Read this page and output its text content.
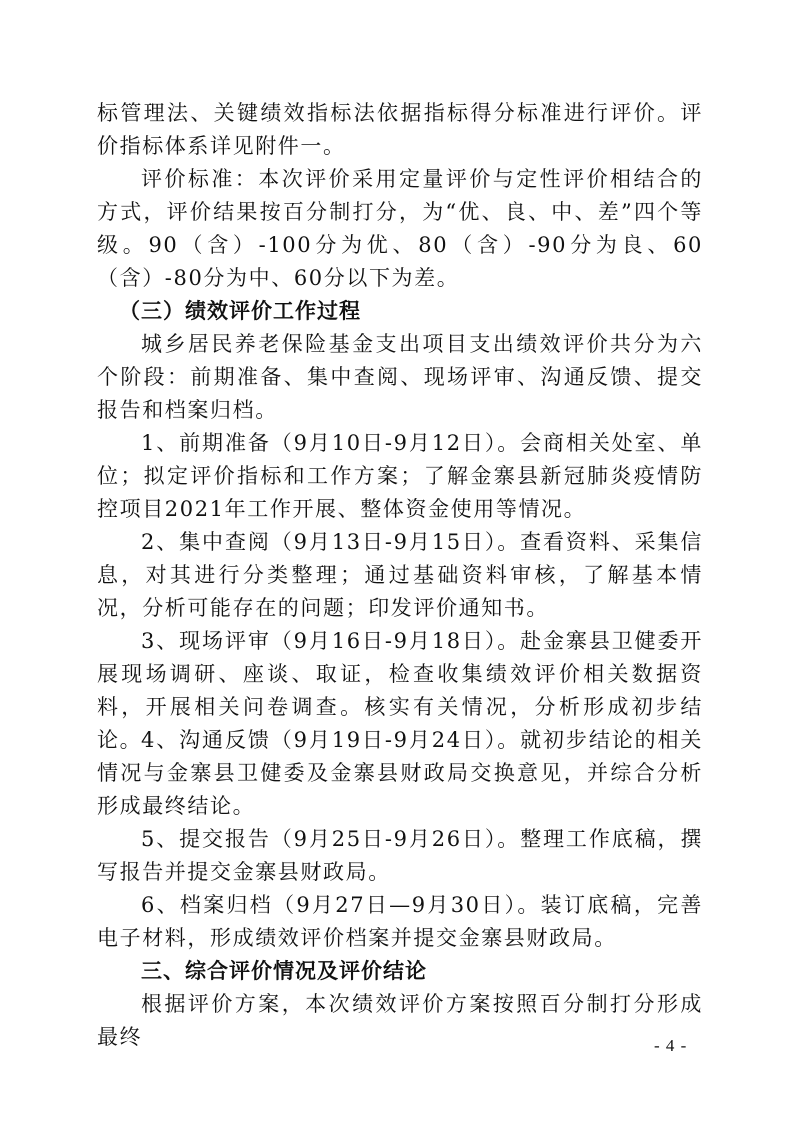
标管理法、关键绩效指标法依据指标得分标准进行评价。评价指标体系详见附件一。

评价标准：本次评价采用定量评价与定性评价相结合的方式，评价结果按百分制打分，为“优、良、中、差”四个等级。90（含）-100分为优、80（含）-90分为良、60（含）-80分为中、60分以下为差。

（三）绩效评价工作过程

城乡居民养老保险基金支出项目支出绩效评价共分为六个阶段：前期准备、集中查阅、现场评审、沟通反馈、提交报告和档案归档。

1、前期准备（9月10日-9月12日）。会商相关处室、单位；拟定评价指标和工作方案；了解金寨县新冠肺炎疫情防控项目2021年工作开展、整体资金使用等情况。

2、集中查阅（9月13日-9月15日）。查看资料、采集信息，对其进行分类整理；通过基础资料审核，了解基本情况，分析可能存在的问题；印发评价通知书。

3、现场评审（9月16日-9月18日）。赴金寨县卫健委开展现场调研、座谈、取证，检查收集绩效评价相关数据资料，开展相关问卷调查。核实有关情况，分析形成初步结论。

4、沟通反馈（9月19日-9月24日）。就初步结论的相关情况与金寨县卫健委及金寨县财政局交换意见，并综合分析形成最终结论。

5、提交报告（9月25日-9月26日）。整理工作底稿，撰写报告并提交金寨县财政局。

6、档案归档（9月27日—9月30日）。装订底稿，完善电子材料，形成绩效评价档案并提交金寨县财政局。

三、综合评价情况及评价结论

根据评价方案，本次绩效评价方案按照百分制打分形成最终	- 4 -
